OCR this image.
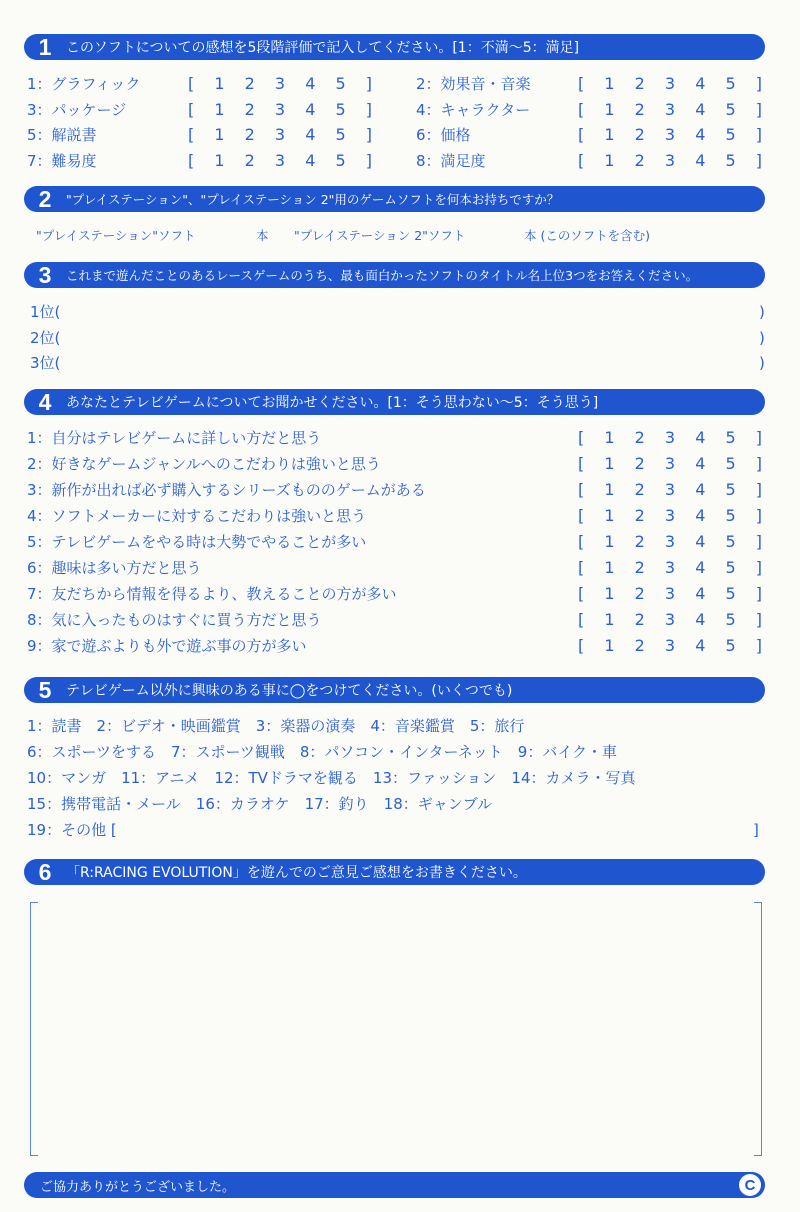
1	このソフトについての感想を5段階評価で記入してください。[1：不満〜5：満足]
1：グラフィック	[ 1 2 3 4 5 ]	2：効果音・音楽	[ 1 2 3 4 5 ]
3：パッケージ	[ 1 2 3 4 5 ]	4：キャラクター	[ 1 2 3 4 5 ]
5：解説書	[ 1 2 3 4 5 ]	6：価格	[ 1 2 3 4 5 ]
7：難易度	[ 1 2 3 4 5 ]	8：満足度	[ 1 2 3 4 5 ]
2	"プレイステーション"、"プレイステーション 2"用のゲームソフトを何本お持ちですか？
"プレイステーション"ソフト	本 "プレイステーション 2"ソフト	本 (このソフトを含む)
3	これまで遊んだことのあるレースゲームのうち、最も面白かったソフトのタイトル名上位3つをお答えください。
1位(	)
2位(	)
3位(	)
4	あなたとテレビゲームについてお聞かせください。[1：そう思わない〜5：そう思う]
1：自分はテレビゲームに詳しい方だと思う	[ 1 2 3 4 5 ]
2：好きなゲームジャンルへのこだわりは強いと思う	[ 1 2 3 4 5 ]
3：新作が出れば必ず購入するシリーズもののゲームがある	[ 1 2 3 4 5 ]
4：ソフトメーカーに対するこだわりは強いと思う	[ 1 2 3 4 5 ]
5：テレビゲームをやる時は大勢でやることが多い	[ 1 2 3 4 5 ]
6：趣味は多い方だと思う	[ 1 2 3 4 5 ]
7：友だちから情報を得るより、教えることの方が多い	[ 1 2 3 4 5 ]
8：気に入ったものはすぐに買う方だと思う	[ 1 2 3 4 5 ]
9：家で遊ぶよりも外で遊ぶ事の方が多い	[ 1 2 3 4 5 ]
5	テレビゲーム以外に興味のある事に◯をつけてください。(いくつでも)
1：読書　2：ビデオ・映画鑑賞　3：楽器の演奏　4：音楽鑑賞　5：旅行
6：スポーツをする　7：スポーツ観戦　8：パソコン・インターネット　9：バイク・車
10：マンガ　11：アニメ　12：TVドラマを観る　13：ファッション　14：カメラ・写真
15：携帯電話・メール　16：カラオケ　17：釣り　18：ギャンブル
19：その他 [	]
6	「R:RACING EVOLUTION」を遊んでのご意見ご感想をお書きください。
ご協力ありがとうございました。	C
